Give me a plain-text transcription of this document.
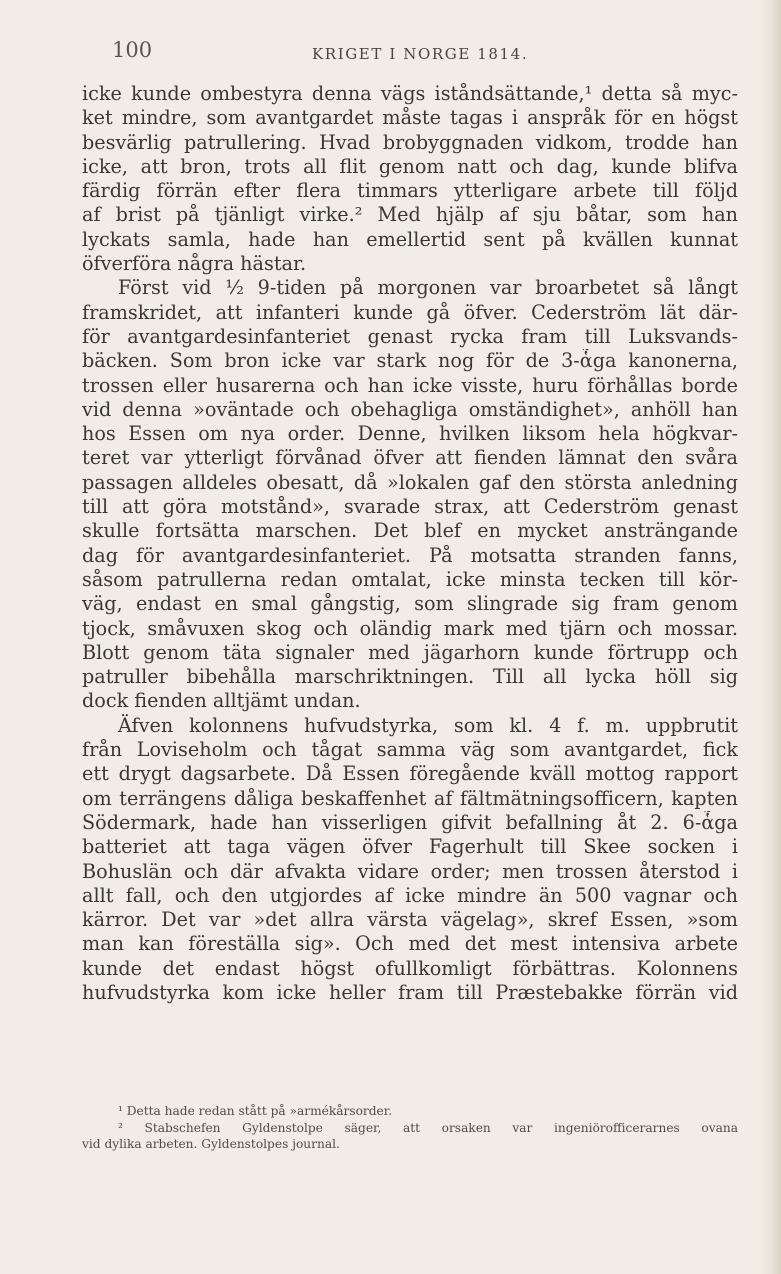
100	KRIGET I NORGE 1814.
icke kunde ombestyra denna vägs iståndsättande,¹ detta så myc-
ket mindre, som avantgardet måste tagas i anspråk för en högst
besvärlig patrullering. Hvad brobyggnaden vidkom, trodde han
icke, att bron, trots all flit genom natt och dag, kunde blifva
färdig förrän efter flera timmars ytterligare arbete till följd
af brist på tjänligt virke.² Med hjälp af sju båtar, som han
lyckats samla, hade han emellertid sent på kvällen kunnat
öfverföra några hästar.
Först vid ½ 9-tiden på morgonen var broarbetet så långt
framskridet, att infanteri kunde gå öfver. Cederström lät där-
för avantgardesinfanteriet genast rycka fram till Luksvands-
bäcken. Som bron icke var stark nog för de 3-ἇga kanonerna,
trossen eller husarerna och han icke visste, huru förhållas borde
vid denna »oväntade och obehagliga omständighet», anhöll han
hos Essen om nya order. Denne, hvilken liksom hela högkvar-
teret var ytterligt förvånad öfver att fienden lämnat den svåra
passagen alldeles obesatt, då »lokalen gaf den största anledning
till att göra motstånd», svarade strax, att Cederström genast
skulle fortsätta marschen. Det blef en mycket ansträngande
dag för avantgardesinfanteriet. På motsatta stranden fanns,
såsom patrullerna redan omtalat, icke minsta tecken till kör-
väg, endast en smal gångstig, som slingrade sig fram genom
tjock, småvuxen skog och oländig mark med tjärn och mossar.
Blott genom täta signaler med jägarhorn kunde förtrupp och
patruller bibehålla marschriktningen. Till all lycka höll sig
dock fienden alltjämt undan.
Äfven kolonnens hufvudstyrka, som kl. 4 f. m. uppbrutit
från Loviseholm och tågat samma väg som avantgardet, fick
ett drygt dagsarbete. Då Essen föregående kväll mottog rapport
om terrängens dåliga beskaffenhet af fältmätningsofficern, kapten
Södermark, hade han visserligen gifvit befallning åt 2. 6-ἇga
batteriet att taga vägen öfver Fagerhult till Skee socken i
Bohuslän och där afvakta vidare order; men trossen återstod i
allt fall, och den utgjordes af icke mindre än 500 vagnar och
kärror. Det var »det allra värsta vägelag», skref Essen, »som
man kan föreställa sig». Och med det mest intensiva arbete
kunde det endast högst ofullkomligt förbättras. Kolonnens
hufvudstyrka kom icke heller fram till Præstebakke förrän vid
¹ Detta hade redan stått på »armékårsorder.
² Stabschefen Gyldenstolpe säger, att orsaken var ingeniörofficerarnes ovana
vid dylika arbeten. Gyldenstolpes journal.
